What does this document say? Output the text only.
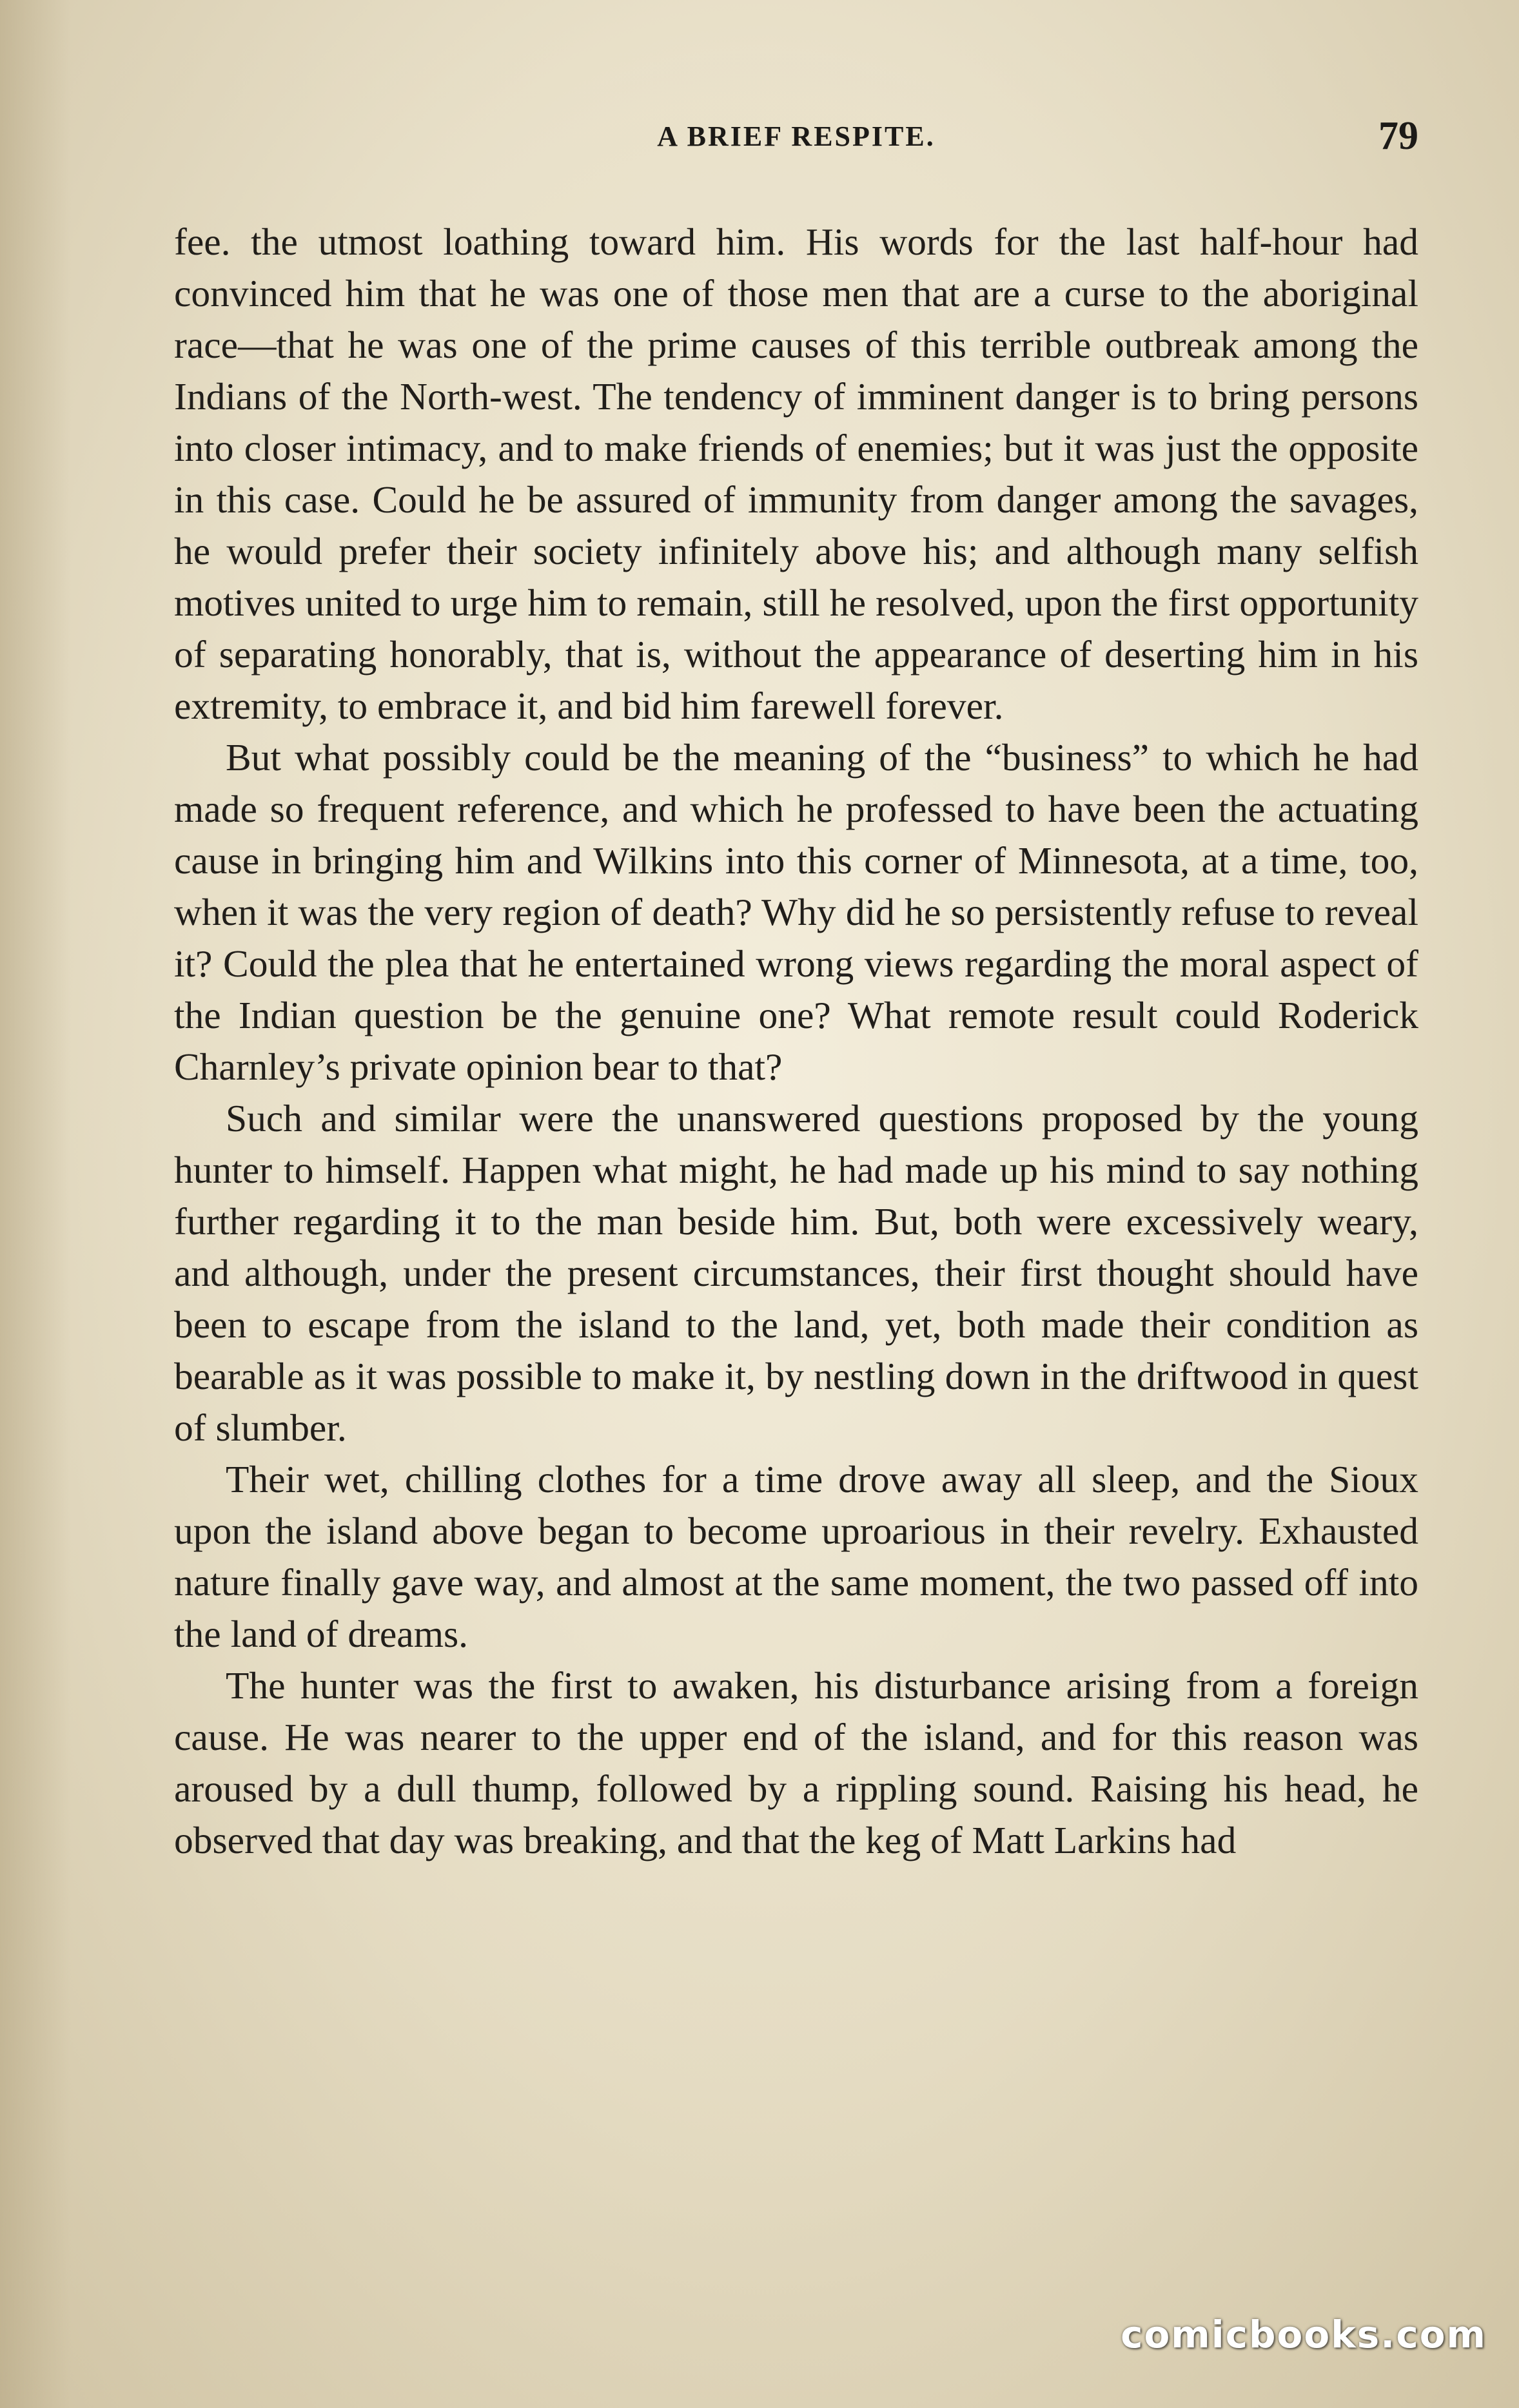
A BRIEF RESPITE.	79

fee. the utmost loathing toward him. His words for the last half-hour had convinced him that he was one of those men that are a curse to the aboriginal race—that he was one of the prime causes of this terrible outbreak among the Indians of the North-west. The tendency of imminent danger is to bring persons into closer intimacy, and to make friends of enemies; but it was just the opposite in this case. Could he be assured of immunity from danger among the savages, he would prefer their society infinitely above his; and although many selfish motives united to urge him to remain, still he resolved, upon the first opportunity of separating honorably, that is, without the appearance of deserting him in his extremity, to embrace it, and bid him farewell forever.

But what possibly could be the meaning of the “business” to which he had made so frequent reference, and which he professed to have been the actuating cause in bringing him and Wilkins into this corner of Minnesota, at a time, too, when it was the very region of death? Why did he so persistently refuse to reveal it? Could the plea that he entertained wrong views regarding the moral aspect of the Indian question be the genuine one? What remote result could Roderick Charnley’s private opinion bear to that?

Such and similar were the unanswered questions proposed by the young hunter to himself. Happen what might, he had made up his mind to say nothing further regarding it to the man beside him. But, both were excessively weary, and although, under the present circumstances, their first thought should have been to escape from the island to the land, yet, both made their condition as bearable as it was possible to make it, by nestling down in the driftwood in quest of slumber.

Their wet, chilling clothes for a time drove away all sleep, and the Sioux upon the island above began to become uproarious in their revelry. Exhausted nature finally gave way, and almost at the same moment, the two passed off into the land of dreams.

The hunter was the first to awaken, his disturbance arising from a foreign cause. He was nearer to the upper end of the island, and for this reason was aroused by a dull thump, followed by a rippling sound. Raising his head, he observed that day was breaking, and that the keg of Matt Larkins had

comicbooks.com
